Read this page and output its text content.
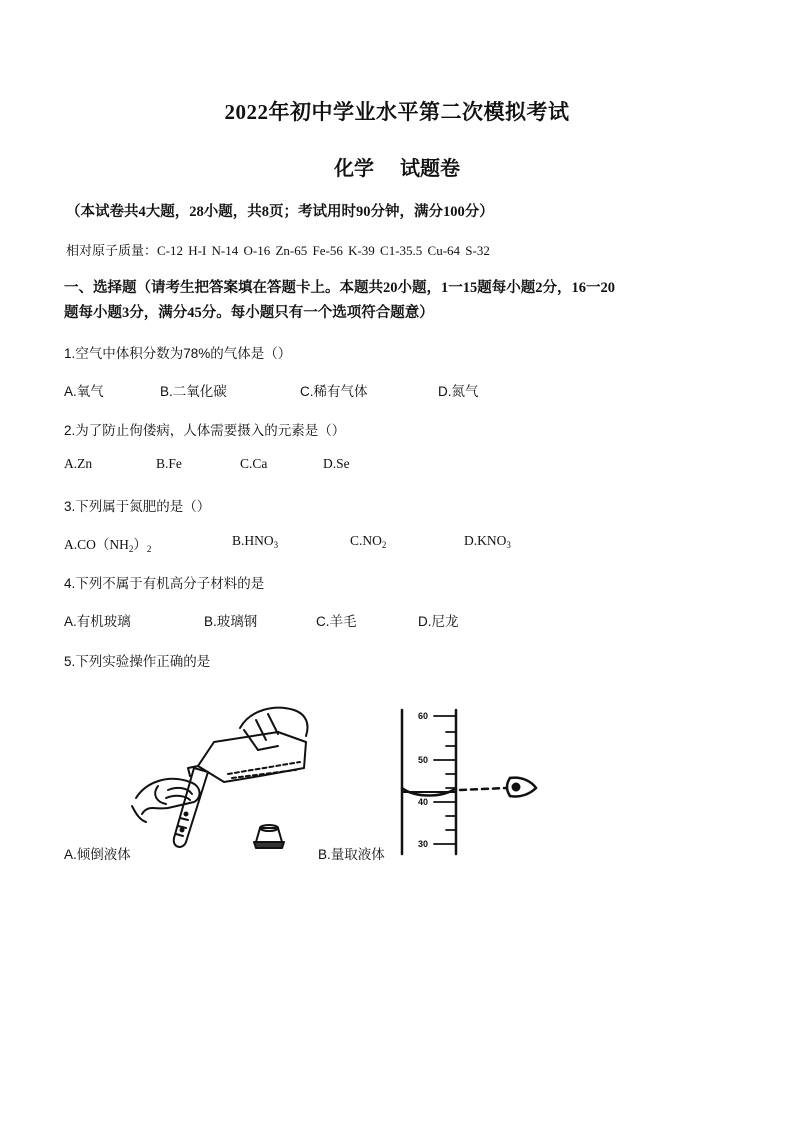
2022年初中学业水平第二次模拟考试
化学 试题卷
（本试卷共4大题，28小题，共8页；考试用时90分钟，满分100分）
相对原子质量：C-12 H-I N-14 O-16 Zn-65 Fe-56 K-39 C1-35.5 Cu-64 S-32
一、选择题（请考生把答案填在答题卡上。本题共20小题，1一15题每小题2分，16一20
题每小题3分，满分45分。每小题只有一个选项符合题意）
1.空气中体积分数为78%的气体是（）
A.氧气	B.二氧化碳	C.稀有气体	D.氮气
2.为了防止佝偻病，人体需要摄入的元素是（）
A.Zn	B.Fe	C.Ca	D.Se
3.下列属于氮肥的是（）
$A.CO(NH_2)_2$
$B.HNO_3$	$C.NO_2$	$D.KNO_3$
4.下列不属于有机高分子材料的是
A.有机玻璃	B.玻璃钢	C.羊毛	D.尼龙
5.下列实验操作正确的是
A.倾倒液体
60
50
40
30
B.量取液体
